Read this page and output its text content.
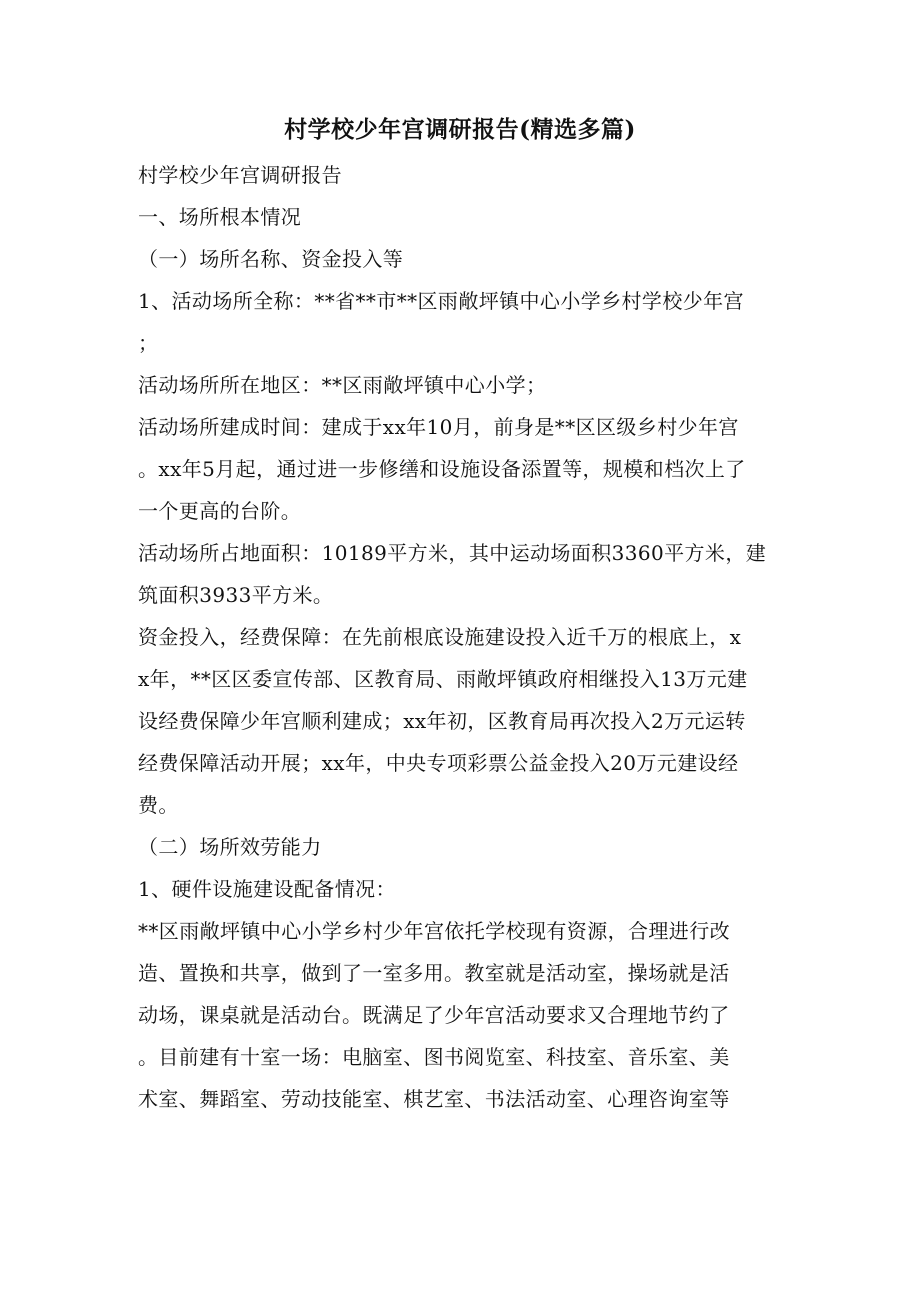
村学校少年宫调研报告(精选多篇)

村学校少年宫调研报告

一、场所根本情况

（一）场所名称、资金投入等

1、活动场所全称：**省**市**区雨敞坪镇中心小学乡村学校少年宫

；

活动场所所在地区：**区雨敞坪镇中心小学；

活动场所建成时间：建成于xx年10月，前身是**区区级乡村少年宫

。xx年5月起，通过进一步修缮和设施设备添置等，规模和档次上了

一个更高的台阶。

活动场所占地面积：10189平方米，其中运动场面积3360平方米，建

筑面积3933平方米。

资金投入，经费保障：在先前根底设施建设投入近千万的根底上，x

x年，**区区委宣传部、区教育局、雨敞坪镇政府相继投入13万元建

设经费保障少年宫顺利建成；xx年初，区教育局再次投入2万元运转

经费保障活动开展；xx年，中央专项彩票公益金投入20万元建设经

费。

（二）场所效劳能力

1、硬件设施建设配备情况：

**区雨敞坪镇中心小学乡村少年宫依托学校现有资源，合理进行改

造、置换和共享，做到了一室多用。教室就是活动室，操场就是活

动场，课桌就是活动台。既满足了少年宫活动要求又合理地节约了

。目前建有十室一场：电脑室、图书阅览室、科技室、音乐室、美

术室、舞蹈室、劳动技能室、棋艺室、书法活动室、心理咨询室等
